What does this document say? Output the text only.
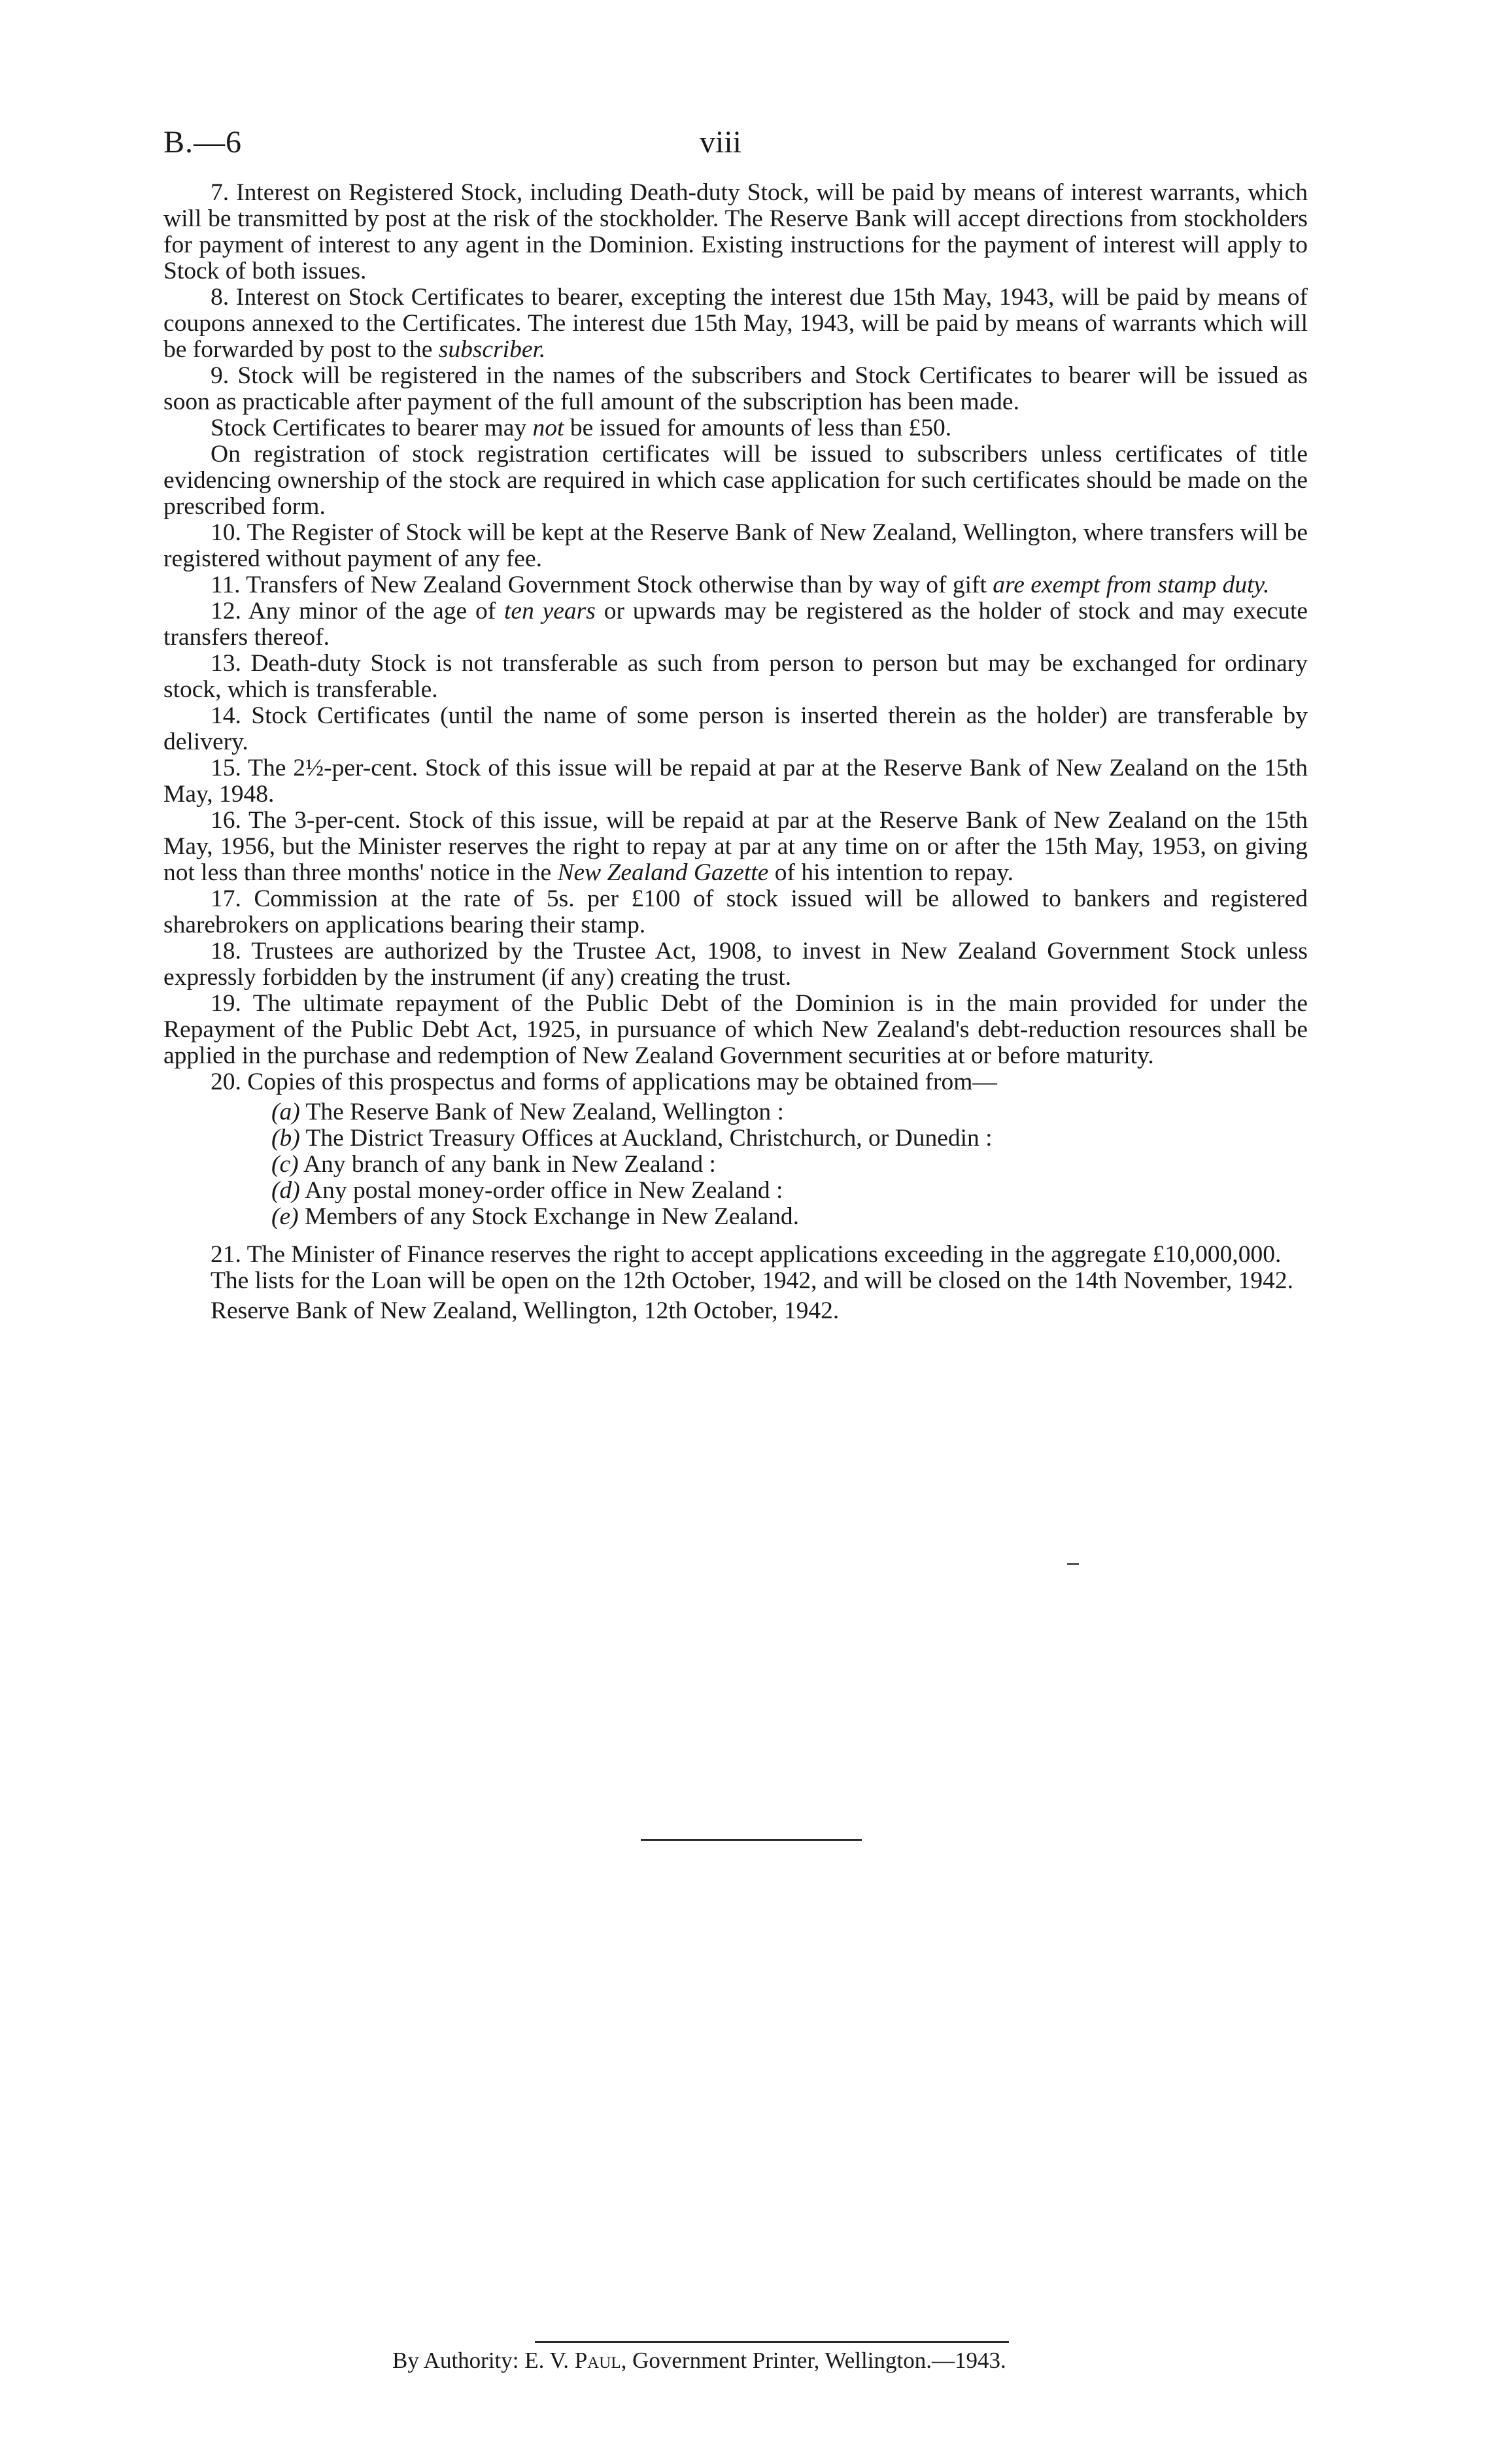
B.—6	viii

7. Interest on Registered Stock, including Death-duty Stock, will be paid by means of interest warrants, which will be transmitted by post at the risk of the stockholder. The Reserve Bank will accept directions from stockholders for payment of interest to any agent in the Dominion. Existing instructions for the payment of interest will apply to Stock of both issues.

8. Interest on Stock Certificates to bearer, excepting the interest due 15th May, 1943, will be paid by means of coupons annexed to the Certificates. The interest due 15th May, 1943, will be paid by means of warrants which will be forwarded by post to the subscriber.

9. Stock will be registered in the names of the subscribers and Stock Certificates to bearer will be issued as soon as practicable after payment of the full amount of the subscription has been made.

Stock Certificates to bearer may not be issued for amounts of less than £50.

On registration of stock registration certificates will be issued to subscribers unless certificates of title evidencing ownership of the stock are required in which case application for such certificates should be made on the prescribed form.

10. The Register of Stock will be kept at the Reserve Bank of New Zealand, Wellington, where transfers will be registered without payment of any fee.

11. Transfers of New Zealand Government Stock otherwise than by way of gift are exempt from stamp duty.

12. Any minor of the age of ten years or upwards may be registered as the holder of stock and may execute transfers thereof.

13. Death-duty Stock is not transferable as such from person to person but may be exchanged for ordinary stock, which is transferable.

14. Stock Certificates (until the name of some person is inserted therein as the holder) are transferable by delivery.

15. The 2½-per-cent. Stock of this issue will be repaid at par at the Reserve Bank of New Zealand on the 15th May, 1948.

16. The 3-per-cent. Stock of this issue, will be repaid at par at the Reserve Bank of New Zealand on the 15th May, 1956, but the Minister reserves the right to repay at par at any time on or after the 15th May, 1953, on giving not less than three months' notice in the New Zealand Gazette of his intention to repay.

17. Commission at the rate of 5s. per £100 of stock issued will be allowed to bankers and registered sharebrokers on applications bearing their stamp.

18. Trustees are authorized by the Trustee Act, 1908, to invest in New Zealand Government Stock unless expressly forbidden by the instrument (if any) creating the trust.

19. The ultimate repayment of the Public Debt of the Dominion is in the main provided for under the Repayment of the Public Debt Act, 1925, in pursuance of which New Zealand's debt-reduction resources shall be applied in the purchase and redemption of New Zealand Government securities at or before maturity.

20. Copies of this prospectus and forms of applications may be obtained from—

(a) The Reserve Bank of New Zealand, Wellington :

(b) The District Treasury Offices at Auckland, Christchurch, or Dunedin :

(c) Any branch of any bank in New Zealand :

(d) Any postal money-order office in New Zealand :

(e) Members of any Stock Exchange in New Zealand.

21. The Minister of Finance reserves the right to accept applications exceeding in the aggregate £10,000,000.

The lists for the Loan will be open on the 12th October, 1942, and will be closed on the 14th November, 1942.

Reserve Bank of New Zealand, Wellington, 12th October, 1942.

By Authority: E. V. Paul, Government Printer, Wellington.—1943.
